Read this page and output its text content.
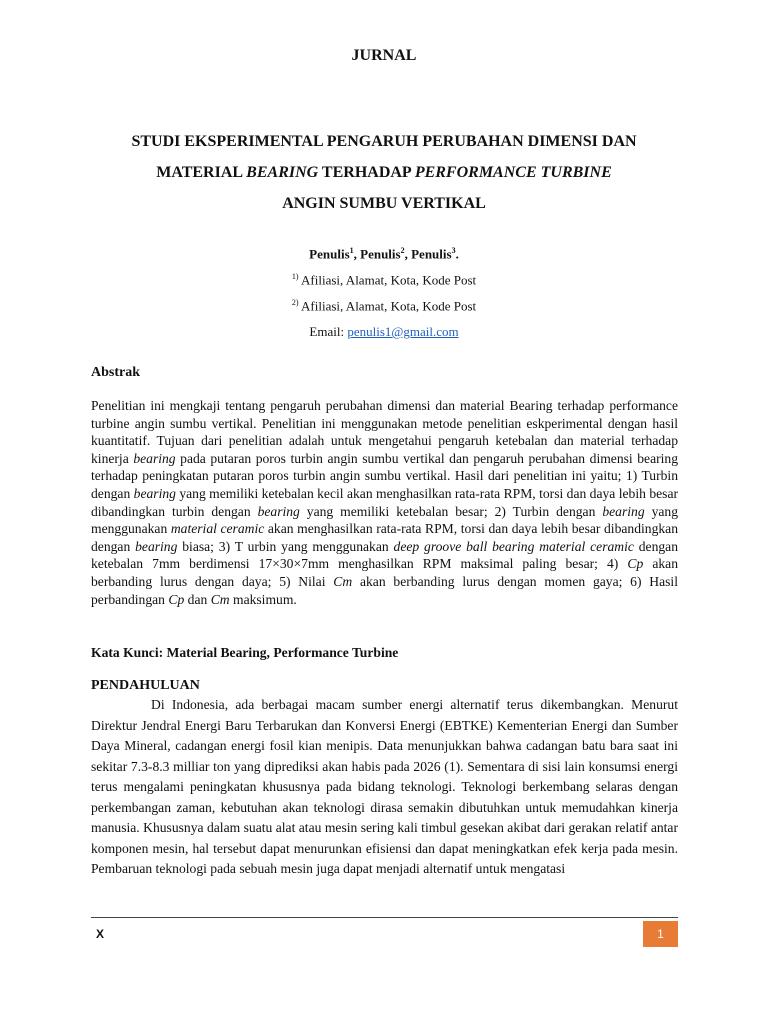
JURNAL
STUDI EKSPERIMENTAL PENGARUH PERUBAHAN DIMENSI DAN
MATERIAL BEARING TERHADAP PERFORMANCE TURBINE
ANGIN SUMBU VERTIKAL
Penulis$^1$, Penulis$^2$, Penulis$^3$.
$^{1)}$ Afiliasi, Alamat, Kota, Kode Post
$^{2)}$ Afiliasi, Alamat, Kota, Kode Post
Email: penulis1@gmail.com
Abstrak
Penelitian ini mengkaji tentang pengaruh perubahan dimensi dan material Bearing terhadap performance turbine angin sumbu vertikal. Penelitian ini menggunakan metode penelitian eskperimental dengan hasil kuantitatif. Tujuan dari penelitian adalah untuk mengetahui pengaruh ketebalan dan material terhadap kinerja bearing pada putaran poros turbin angin sumbu vertikal dan pengaruh perubahan dimensi bearing terhadap peningkatan putaran poros turbin angin sumbu vertikal. Hasil dari penelitian ini yaitu; 1) Turbin dengan bearing yang memiliki ketebalan kecil akan menghasilkan rata-rata RPM, torsi dan daya lebih besar dibandingkan turbin dengan bearing yang memiliki ketebalan besar; 2) Turbin dengan bearing yang menggunakan material ceramic akan menghasilkan rata-rata RPM, torsi dan daya lebih besar dibandingkan dengan bearing biasa; 3) T urbin yang menggunakan deep groove ball bearing material ceramic dengan ketebalan 7mm berdimensi 17×30×7mm menghasilkan RPM maksimal paling besar; 4) Cp akan berbanding lurus dengan daya; 5) Nilai Cm akan berbanding lurus dengan momen gaya; 6) Hasil perbandingan Cp dan Cm maksimum.
Kata Kunci: Material Bearing, Performance Turbine
PENDAHULUAN
Di Indonesia, ada berbagai macam sumber energi alternatif terus dikembangkan. Menurut Direktur Jendral Energi Baru Terbarukan dan Konversi Energi (EBTKE) Kementerian Energi dan Sumber Daya Mineral, cadangan energi fosil kian menipis. Data menunjukkan bahwa cadangan batu bara saat ini sekitar 7.3-8.3 milliar ton yang diprediksi akan habis pada 2026 (1). Sementara di sisi lain konsumsi energi terus mengalami peningkatan khususnya pada bidang teknologi. Teknologi berkembang selaras dengan perkembangan zaman, kebutuhan akan teknologi dirasa semakin dibutuhkan untuk memudahkan kinerja manusia. Khususnya dalam suatu alat atau mesin sering kali timbul gesekan akibat dari gerakan relatif antar komponen mesin, hal tersebut dapat menurunkan efisiensi dan dapat meningkatkan efek kerja pada mesin. Pembaruan teknologi pada sebuah mesin juga dapat menjadi alternatif untuk mengatasi
X	1
